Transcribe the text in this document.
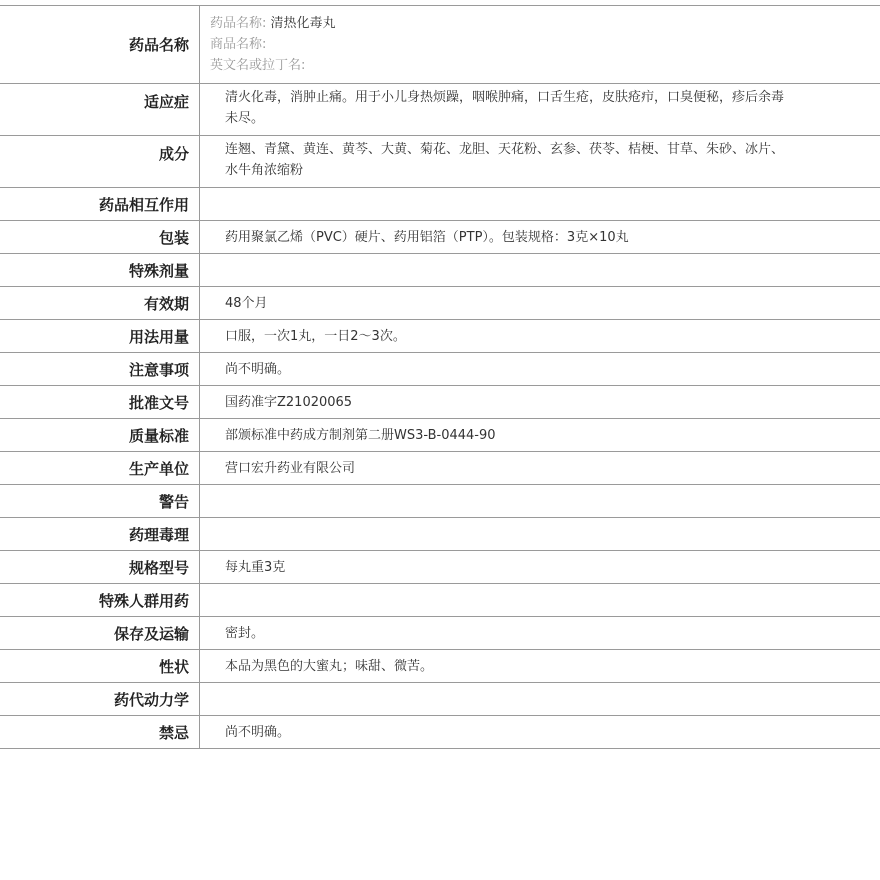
药品名称
药品名称: 清热化毒丸
商品名称:
英文名或拉丁名:
适应症	清火化毒，消肿止痛。用于小儿身热烦躁，咽喉肿痛，口舌生疮，皮肤疮疖，口臭便秘，疹后余毒未尽。
成分	连翘、青黛、黄连、黄芩、大黄、菊花、龙胆、天花粉、玄参、茯苓、桔梗、甘草、朱砂、冰片、水牛角浓缩粉
药品相互作用
包装	药用聚氯乙烯（PVC）硬片、药用铝箔（PTP）。包装规格：3克×10丸
特殊剂量
有效期	48个月
用法用量	口服，一次1丸，一日2～3次。
注意事项	尚不明确。
批准文号	国药准字Z21020065
质量标准	部颁标准中药成方制剂第二册WS3-B-0444-90
生产单位	营口宏升药业有限公司
警告
药理毒理
规格型号	每丸重3克
特殊人群用药
保存及运输	密封。
性状	本品为黑色的大蜜丸；味甜、微苦。
药代动力学
禁忌	尚不明确。
